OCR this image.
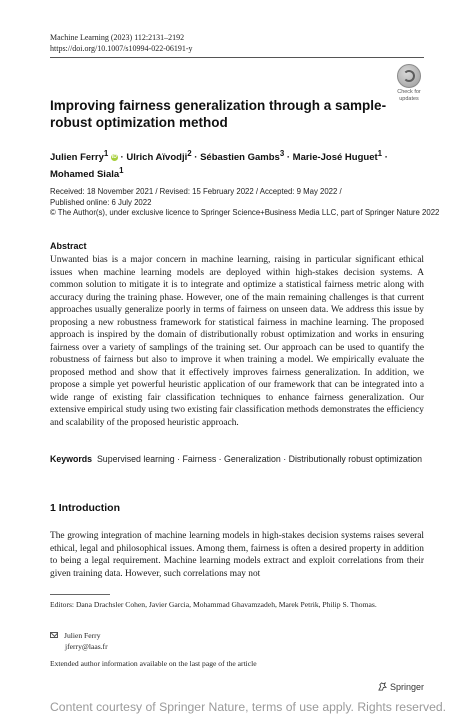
Machine Learning (2023) 112:2131–2192
https://doi.org/10.1007/s10994-022-06191-y
Check for
updates
Improving fairness generalization through a sample-robust optimization method
Julien Ferry$^1$ iD · Ulrich Aïvodji$^2$ · Sébastien Gambs$^3$ · Marie-José Huguet$^1$ · Mohamed Siala$^1$
Received: 18 November 2021 / Revised: 15 February 2022 / Accepted: 9 May 2022 /
Published online: 6 July 2022
© The Author(s), under exclusive licence to Springer Science+Business Media LLC, part of Springer Nature 2022
Abstract
Unwanted bias is a major concern in machine learning, raising in particular significant ethical issues when machine learning models are deployed within high-stakes decision systems. A common solution to mitigate it is to integrate and optimize a statistical fairness metric along with accuracy during the training phase. However, one of the main remaining challenges is that current approaches usually generalize poorly in terms of fairness on unseen data. We address this issue by proposing a new robustness framework for statistical fairness in machine learning. The proposed approach is inspired by the domain of distributionally robust optimization and works in ensuring fairness over a variety of samplings of the training set. Our approach can be used to quantify the robustness of fairness but also to improve it when training a model. We empirically evaluate the proposed method and show that it effectively improves fairness generalization. In addition, we propose a simple yet powerful heuristic application of our framework that can be integrated into a wide range of existing fair classification techniques to enhance fairness generalization. Our extensive empirical study using two existing fair classification methods demonstrates the efficiency and scalability of the proposed heuristic approach.
Keywords Supervised learning · Fairness · Generalization · Distributionally robust optimization
1 Introduction
The growing integration of machine learning models in high-stakes decision systems raises several ethical, legal and philosophical issues. Among them, fairness is often a desired property in addition to being a legal requirement. Machine learning models extract and exploit correlations from their given training data. However, such correlations may not
Editors: Dana Drachsler Cohen, Javier Garcia, Mohammad Ghavamzadeh, Marek Petrik, Philip S. Thomas.
Julien Ferry
jferry@laas.fr
Extended author information available on the last page of the article
Springer
Content courtesy of Springer Nature, terms of use apply. Rights reserved.
